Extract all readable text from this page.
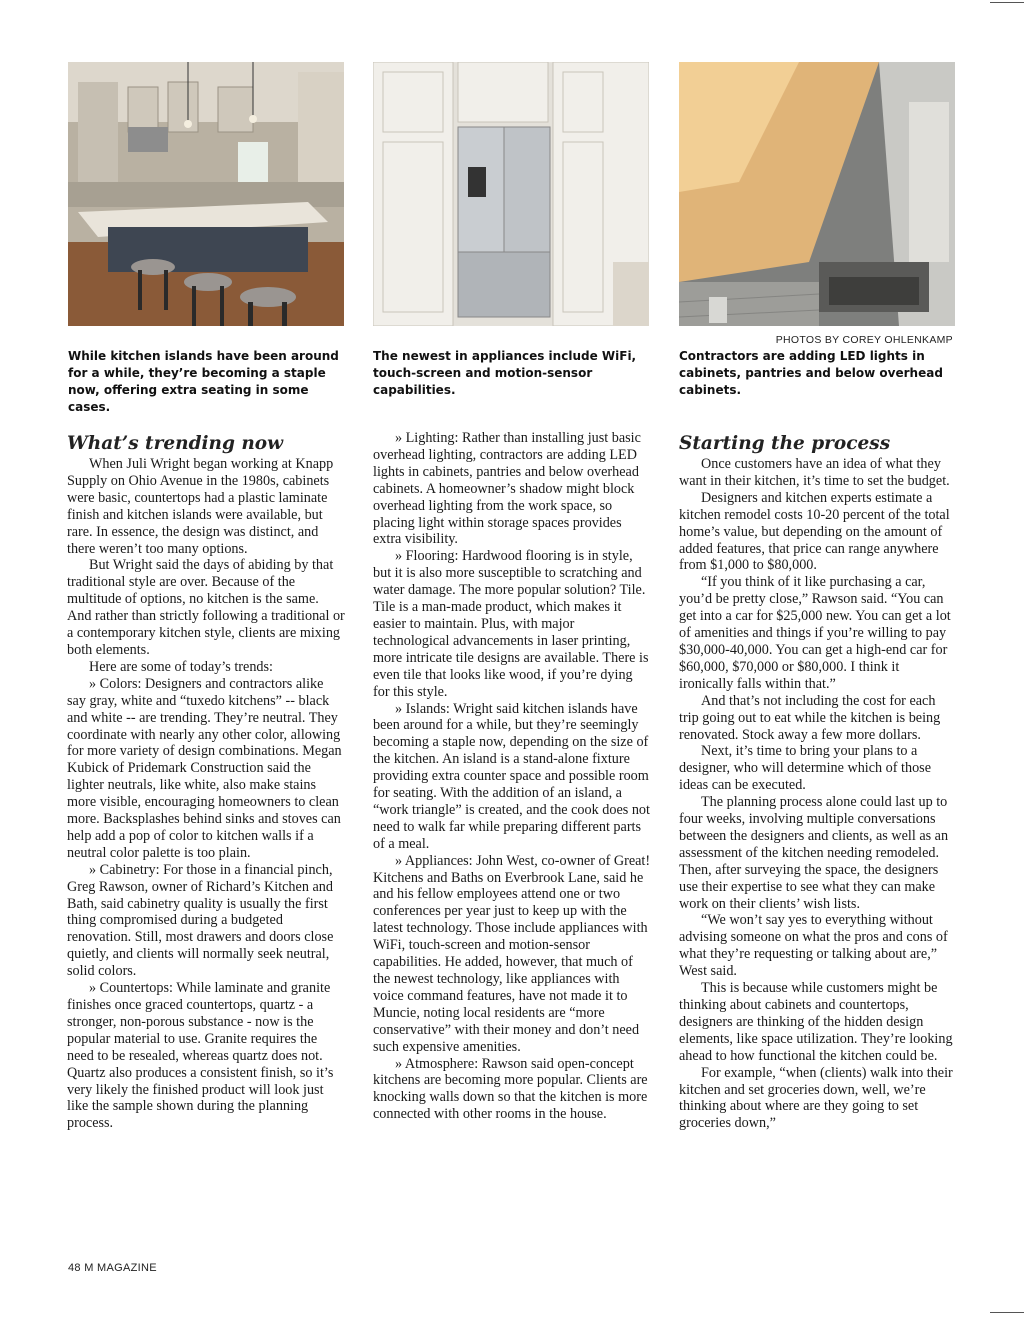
PHOTOS BY COREY OHLENKAMP
While kitchen islands have been around for a while, they’re becoming a staple now, offering extra seating in some cases.
The newest in appliances include WiFi, touch-screen and motion-sensor capabilities.
Contractors are adding LED lights in cabinets, pantries and below overhead cabinets.
What’s trending now

When Juli Wright began working at Knapp Supply on Ohio Avenue in the 1980s, cabinets were basic, countertops had a plastic laminate finish and kitchen islands were available, but rare. In essence, the design was distinct, and there weren’t too many options.

But Wright said the days of abiding by that traditional style are over. Because of the multitude of options, no kitchen is the same. And rather than strictly following a traditional or a contemporary kitchen style, clients are mixing both elements.

Here are some of today’s trends:

» Colors: Designers and contractors alike say gray, white and “tuxedo kitchens” -- black and white -- are trending. They’re neutral. They coordinate with nearly any other color, allowing for more variety of design combinations. Megan Kubick of Pridemark Construction said the lighter neutrals, like white, also make stains more visible, encouraging homeowners to clean more. Backsplashes behind sinks and stoves can help add a pop of color to kitchen walls if a neutral color palette is too plain.

» Cabinetry: For those in a financial pinch, Greg Rawson, owner of Richard’s Kitchen and Bath, said cabinetry quality is usually the first thing compromised during a budgeted renovation. Still, most drawers and doors close quietly, and clients will normally seek neutral, solid colors.

» Countertops: While laminate and granite finishes once graced countertops, quartz - a stronger, non-porous substance - now is the popular material to use. Granite requires the need to be resealed, whereas quartz does not. Quartz also produces a consistent finish, so it’s very likely the finished product will look just like the sample shown during the planning process.

» Lighting: Rather than installing just basic overhead lighting, contractors are adding LED lights in cabinets, pantries and below overhead cabinets. A homeowner’s shadow might block overhead lighting from the work space, so placing light within storage spaces provides extra visibility.

» Flooring: Hardwood flooring is in style, but it is also more susceptible to scratching and water damage. The more popular solution? Tile. Tile is a man-made product, which makes it easier to maintain. Plus, with major technological advancements in laser printing, more intricate tile designs are available. There is even tile that looks like wood, if you’re dying for this style.

» Islands: Wright said kitchen islands have been around for a while, but they’re seemingly becoming a staple now, depending on the size of the kitchen. An island is a stand-alone fixture providing extra counter space and possible room for seating. With the addition of an island, a “work triangle” is created, and the cook does not need to walk far while preparing different parts of a meal.

» Appliances: John West, co-owner of Great! Kitchens and Baths on Everbrook Lane, said he and his fellow employees attend one or two conferences per year just to keep up with the latest technology. Those include appliances with WiFi, touch-screen and motion-sensor capabilities. He added, however, that much of the newest technology, like appliances with voice command features, have not made it to Muncie, noting local residents are “more conservative” with their money and don’t need such expensive amenities.

» Atmosphere: Rawson said open-concept kitchens are becoming more popular. Clients are knocking walls down so that the kitchen is more connected with other rooms in the house.

Starting the process

Once customers have an idea of what they want in their kitchen, it’s time to set the budget.

Designers and kitchen experts estimate a kitchen remodel costs 10-20 percent of the total home’s value, but depending on the amount of added features, that price can range anywhere from $1,000 to $80,000.

“If you think of it like purchasing a car, you’d be pretty close,” Rawson said. “You can get into a car for $25,000 new. You can get a lot of amenities and things if you’re willing to pay $30,000-40,000. You can get a high-end car for $60,000, $70,000 or $80,000. I think it ironically falls within that.”

And that’s not including the cost for each trip going out to eat while the kitchen is being renovated. Stock away a few more dollars.

Next, it’s time to bring your plans to a designer, who will determine which of those ideas can be executed.

The planning process alone could last up to four weeks, involving multiple conversations between the designers and clients, as well as an assessment of the kitchen needing remodeled. Then, after surveying the space, the designers use their expertise to see what they can make work on their clients’ wish lists.

“We won’t say yes to everything without advising someone on what the pros and cons of what they’re requesting or talking about are,” West said.

This is because while customers might be thinking about cabinets and countertops, designers are thinking of the hidden design elements, like space utilization. They’re looking ahead to how functional the kitchen could be.

For example, “when (clients) walk into their kitchen and set groceries down, well, we’re thinking about where are they going to set groceries down,”

48 M MAGAZINE
